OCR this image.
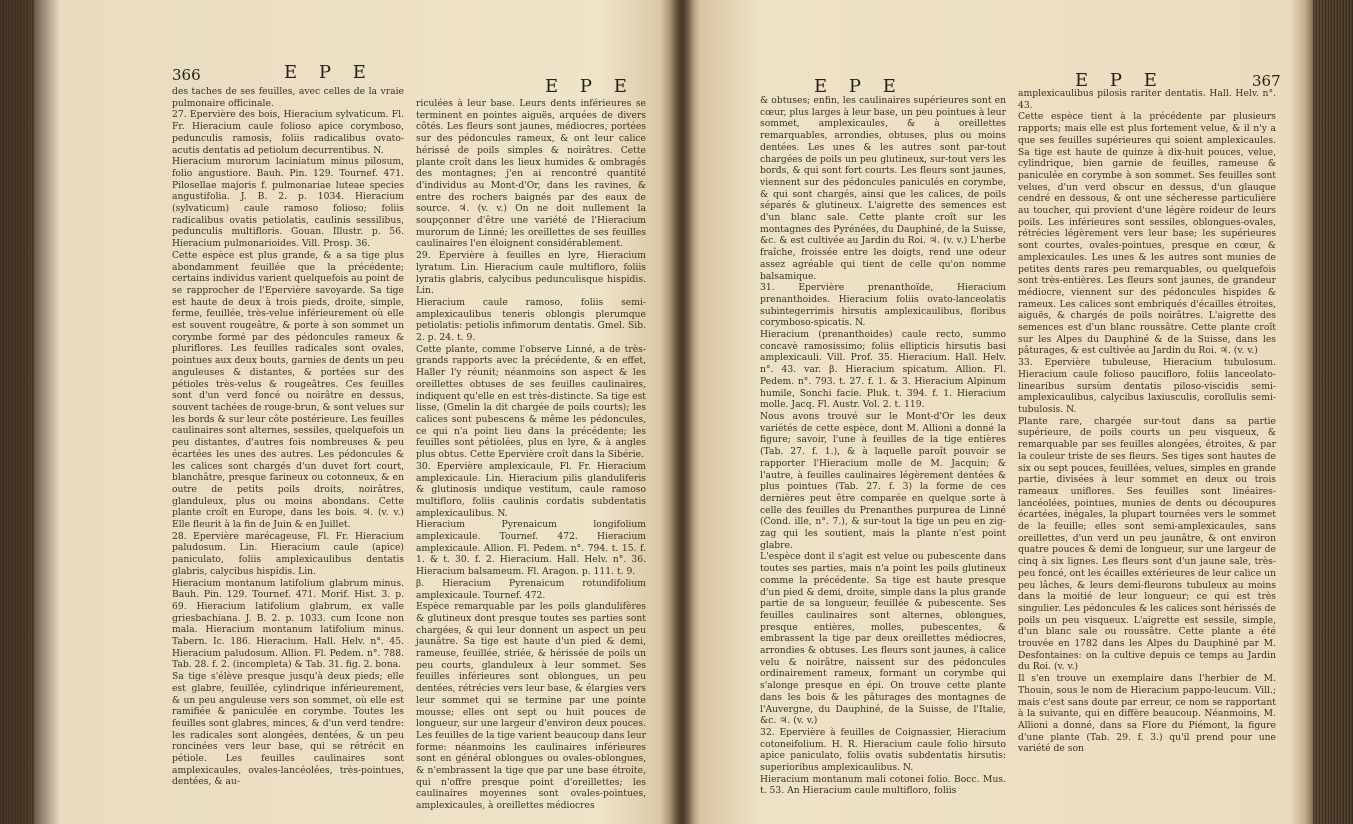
366	E P E
E P E
des taches de ses feuilles, avec celles de la vraie pulmonaire officinale.
27. Epervière des bois, Hieracium sylvaticum. Fl. Fr. Hieracium caule folioso apice corymboso, pedunculis ramosis, foliis radicalibus ovato-acutis dentatis ad petiolum decurrentibus. N.
Hieracium murorum laciniatum minus pilosum, folio angustiore. Bauh. Pin. 129. Tournef. 471. Pilosellae majoris f. pulmonariae luteae species angustifolia. J. B. 2. p. 1034. Hieracium (sylvaticum) caule ramoso folioso; foliis radicalibus ovatis petiolatis, caulinis sessilibus, pedunculis multifloris. Gouan. Illustr. p. 56. Hieracium pulmonarioides. Vill. Prosp. 36.
Cette espèce est plus grande, & a sa tige plus abondamment feuillée que la précédente; certains individus varient quelquefois au point de se rapprocher de l'Epervière savoyarde. Sa tige est haute de deux à trois pieds, droite, simple, ferme, feuillée, très-velue inférieurement où elle est souvent rougeâtre, & porte à son sommet un corymbe formé par des pédoncules rameux & pluriflores. Les feuilles radicales sont ovales, pointues aux deux bouts, garnies de dents un peu anguleuses & distantes, & portées sur des pétioles très-velus & rougeâtres. Ces feuilles sont d'un verd foncé ou noirâtre en dessus, souvent tachées de rouge-brun, & sont velues sur les bords & sur leur côte postérieure. Les feuilles caulinaires sont alternes, sessiles, quelquefois un peu distantes, d'autres fois nombreuses & peu écartées les unes des autres. Les pédoncules & les calices sont chargés d'un duvet fort court, blanchâtre, presque farineux ou cotonneux, & en outre de petits poils droits, noirâtres, glanduleux, plus ou moins abondans. Cette plante croît en Europe, dans les bois. ♃. (v. v.) Elle fleurit à la fin de Juin & en Juillet.
28. Epervière marécageuse, Fl. Fr. Hieracium paludosum. Lin. Hieracium caule (apice) paniculato, foliis amplexicaulibus dentatis glabris, calycibus hispidis. Lin.
Hieracium montanum latifolium glabrum minus. Bauh. Pin. 129. Tournef. 471. Morif. Hist. 3. p. 69. Hieracium latifolium glabrum, ex valle griesbachiana. J. B. 2. p. 1033. cum Icone non mala. Hieracium montanum latifolium minus. Tabern. Ic. 186. Hieracium. Hall. Helv. n°. 45. Hieracium paludosum. Allion. Fl. Pedem. n°. 788. Tab. 28. f. 2. (incompleta) & Tab. 31. fig. 2. bona.
Sa tige s'élève presque jusqu'à deux pieds; elle est glabre, feuillée, cylindrique inférieurement, & un peu anguleuse vers son sommet, où elle est ramifiée & paniculée en corymbe. Toutes les feuilles sont glabres, minces, & d'un verd tendre: les radicales sont alongées, dentées, & un peu roncinées vers leur base, qui se rétrécit en pétiole. Les feuilles caulinaires sont amplexicaules, ovales-lancéolées, très-pointues, dentées, & au-
riculées à leur base. Leurs dents inférieures se terminent en pointes aiguës, arquées de divers côtés. Les fleurs sont jaunes, médiocres, portées sur des pédoncules rameux, & ont leur calice hérissé de poils simples & noirâtres. Cette plante croît dans les lieux humides & ombragés des montagnes; j'en ai rencontré quantité d'individus au Mont-d'Or, dans les ravines, & entre des rochers baignés par des eaux de source. ♃. (v. v.) On ne doit nullement la soupçonner d'être une variété de l'Hieracium murorum de Linné; les oreillettes de ses feuilles caulinaires l'en éloignent considérablement.
29. Epervière à feuilles en lyre, Hieracium lyratum. Lin. Hieracium caule multifloro, foliis lyratis glabris, calycibus pedunculisque hispidis. Lin.
Hieracium caule ramoso, foliis semi-amplexicaulibus teneris oblongis plerumque petiolatis: petiolis infimorum dentatis. Gmel. Sib. 2. p. 24. t. 9.
Cette plante, comme l'observe Linné, a de très-grands rapports avec la précédente, & en effet, Haller l'y réunit; néanmoins son aspect & les oreillettes obtuses de ses feuilles caulinaires, indiquent qu'elle en est très-distincte. Sa tige est lisse, (Gmelin la dit chargée de poils courts); les calices sont pubescens & même les pédoncules, ce qui n'a point lieu dans la précédente; les feuilles sont pétiolées, plus en lyre, & à angles plus obtus. Cette Epervière croît dans la Sibérie.
30. Epervière amplexicaule, Fl. Fr. Hieracium amplexicaule. Lin. Hieracium pilis glanduliferis & glutinosis undique vestitum, caule ramoso multifloro, foliis caulinis cordatis subdentatis amplexicaulibus. N.
Hieracium Pyrenaicum longifolium amplexicaule. Tournef. 472. Hieracium amplexicaule. Allion. Fl. Pedem. n°. 794. t. 15. f. 1. & t. 30. f. 2. Hieracium. Hall. Helv. n°. 36. Hieracium balsameum. Fl. Aragon. p. 111. t. 9.
β. Hieracium Pyrenaicum rotundifolium amplexicaule. Tournef. 472.
Espèce remarquable par les poils glandulifères & glutineux dont presque toutes ses parties sont chargées, & qui leur donnent un aspect un peu jaunâtre. Sa tige est haute d'un pied & demi, rameuse, feuillée, striée, & hérissée de poils un peu courts, glanduleux à leur sommet. Ses feuilles inférieures sont oblongues, un peu dentées, rétrécies vers leur base, & élargies vers leur sommet qui se termine par une pointe mousse; elles ont sept ou huit pouces de longueur, sur une largeur d'environ deux pouces. Les feuilles de la tige varient beaucoup dans leur forme: néanmoins les caulinaires inférieures sont en général oblongues ou ovales-oblongues, & n'embrassent la tige que par une base étroite, qui n'offre presque point d'oreillettes; les caulinaires moyennes sont ovales-pointues, amplexicaules, à oreillettes médiocres
E P E	E P E	367
& obtuses; enfin, les caulinaires supérieures sont en cœur, plus larges à leur base, un peu pointues à leur sommet, amplexicaules, & à oreillettes remarquables, arrondies, obtuses, plus ou moins dentées. Les unes & les autres sont par-tout chargées de poils un peu glutineux, sur-tout vers les bords, & qui sont fort courts. Les fleurs sont jaunes, viennent sur des pédoncules paniculés en corymbe, & qui sont chargés, ainsi que les calices, de poils séparés & glutineux. L'aigrette des semences est d'un blanc sale. Cette plante croît sur les montagnes des Pyrénées, du Dauphiné, de la Suisse, &c. & est cultivée au Jardin du Roi. ♃. (v. v.) L'herbe fraîche, froissée entre les doigts, rend une odeur assez agréable qui tient de celle qu'on nomme balsamique.
31. Epervière prenanthoïde, Hieracium prenanthoides. Hieracium foliis ovato-lanceolatis subintegerrimis hirsutis amplexicaulibus, floribus corymboso-spicatis. N.
Hieracium (prenanthoides) caule recto, summo concavè ramosissimo; foliis ellipticis hirsutis basi amplexicauli. Vill. Prof. 35. Hieracium. Hall. Helv. n°. 43. var. β. Hieracium spicatum. Allion. Fl. Pedem. n°. 793. t. 27. f. 1. & 3. Hieracium Alpinum humile, Sonchi facie. Pluk. t. 394. f. 1. Hieracium molle. Jacq. Fl. Austr. Vol. 2. t. 119.
Nous avons trouvé sur le Mont-d'Or les deux variétés de cette espèce, dont M. Allioni a donné la figure; savoir, l'une à feuilles de la tige entières (Tab. 27. f. 1.), & à laquelle paroît pouvoir se rapporter l'Hieracium molle de M. Jacquin; & l'autre, à feuilles caulinaires légèrement dentées & plus pointues (Tab. 27. f. 3) la forme de ces dernières peut être comparée en quelque sorte à celle des feuilles du Prenanthes purpurea de Linné (Cond. ille, n°. 7.), & sur-tout la tige un peu en zig-zag qui les soutient, mais la plante n'est point glabre.
L'espèce dont il s'agit est velue ou pubescente dans toutes ses parties, mais n'a point les poils glutineux comme la précédente. Sa tige est haute presque d'un pied & demi, droite, simple dans la plus grande partie de sa longueur, feuillée & pubescente. Ses feuilles caulinaires sont alternes, oblongues, presque entières, molles, pubescentes, & embrassent la tige par deux oreillettes médiocres, arrondies & obtuses. Les fleurs sont jaunes, à calice velu & noirâtre, naissent sur des pédoncules ordinairement rameux, formant un corymbe qui s'alonge presque en épi. On trouve cette plante dans les bois & les pâturages des montagnes de l'Auvergne, du Dauphiné, de la Suisse, de l'Italie, &c. ♃. (v. v.)
32. Epervière à feuilles de Coignassier, Hieracium cotoneifolium. H. R. Hieracium caule folio hirsuto apice paniculato, foliis ovatis subdentatis hirsutis: superioribus amplexicaulibus. N.
Hieracium montanum mali cotonei folio. Bocc. Mus. t. 53. An Hieracium caule multifloro, foliis
amplexicaulibus pilosis rariter dentatis. Hall. Helv. n°. 43.
Cette espèce tient à la précédente par plusieurs rapports; mais elle est plus fortement velue, & il n'y a que ses feuilles supérieures qui soient amplexicaules. Sa tige est haute de quinze à dix-huit pouces, velue, cylindrique, bien garnie de feuilles, rameuse & paniculée en corymbe à son sommet. Ses feuilles sont velues, d'un verd obscur en dessus, d'un glauque cendré en dessous, & ont une sécheresse particulière au toucher, qui provient d'une légère roideur de leurs poils. Les inférieures sont sessiles, oblongues-ovales, rétrécies légèrement vers leur base; les supérieures sont courtes, ovales-pointues, presque en cœur, & amplexicaules. Les unes & les autres sont munies de petites dents rares peu remarquables, ou quelquefois sont très-entières. Les fleurs sont jaunes, de grandeur médiocre, viennent sur des pédoncules hispides & rameux. Les calices sont embriqués d'écailles étroites, aiguës, & chargés de poils noirâtres. L'aigrette des semences est d'un blanc roussâtre. Cette plante croît sur les Alpes du Dauphiné & de la Suisse, dans les pâturages, & est cultivée au Jardin du Roi. ♃. (v. v.)
33. Epervière tubuleuse, Hieracium tubulosum. Hieracium caule folioso paucifloro, foliis lanceolato-linearibus sursùm dentatis piloso-viscidis semi-amplexicaulibus, calycibus laxiusculis, corollulis semi-tubulosis. N.
Plante rare, chargée sur-tout dans sa partie supérieure, de poils courts un peu visqueux, & remarquable par ses feuilles alongées, étroites, & par la couleur triste de ses fleurs. Ses tiges sont hautes de six ou sept pouces, feuillées, velues, simples en grande partie, divisées à leur sommet en deux ou trois rameaux uniflores. Ses feuilles sont linéaires-lancéolées, pointues, munies de dents ou découpures écartées, inégales, la plupart tournées vers le sommet de la feuille; elles sont semi-amplexicaules, sans oreillettes, d'un verd un peu jaunâtre, & ont environ quatre pouces & demi de longueur, sur une largeur de cinq à six lignes. Les fleurs sont d'un jaune sale, très-peu foncé, ont les écailles extérieures de leur calice un peu lâches, & leurs demi-fleurons tubuleux au moins dans la moitié de leur longueur; ce qui est très singulier. Les pédoncules & les calices sont hérissés de poils un peu visqueux. L'aigrette est sessile, simple, d'un blanc sale ou roussâtre. Cette plante a été trouvée en 1782 dans les Alpes du Dauphiné par M. Desfontaines: on la cultive depuis ce temps au Jardin du Roi. (v. v.)
Il s'en trouve un exemplaire dans l'herbier de M. Thouin, sous le nom de Hieracium pappo-leucum. Vill.; mais c'est sans doute par erreur, ce nom se rapportant à la suivante, qui en diffère beaucoup. Néanmoins, M. Allioni a donné, dans sa Flore du Piémont, la figure d'une plante (Tab. 29. f. 3.) qu'il prend pour une variété de son
